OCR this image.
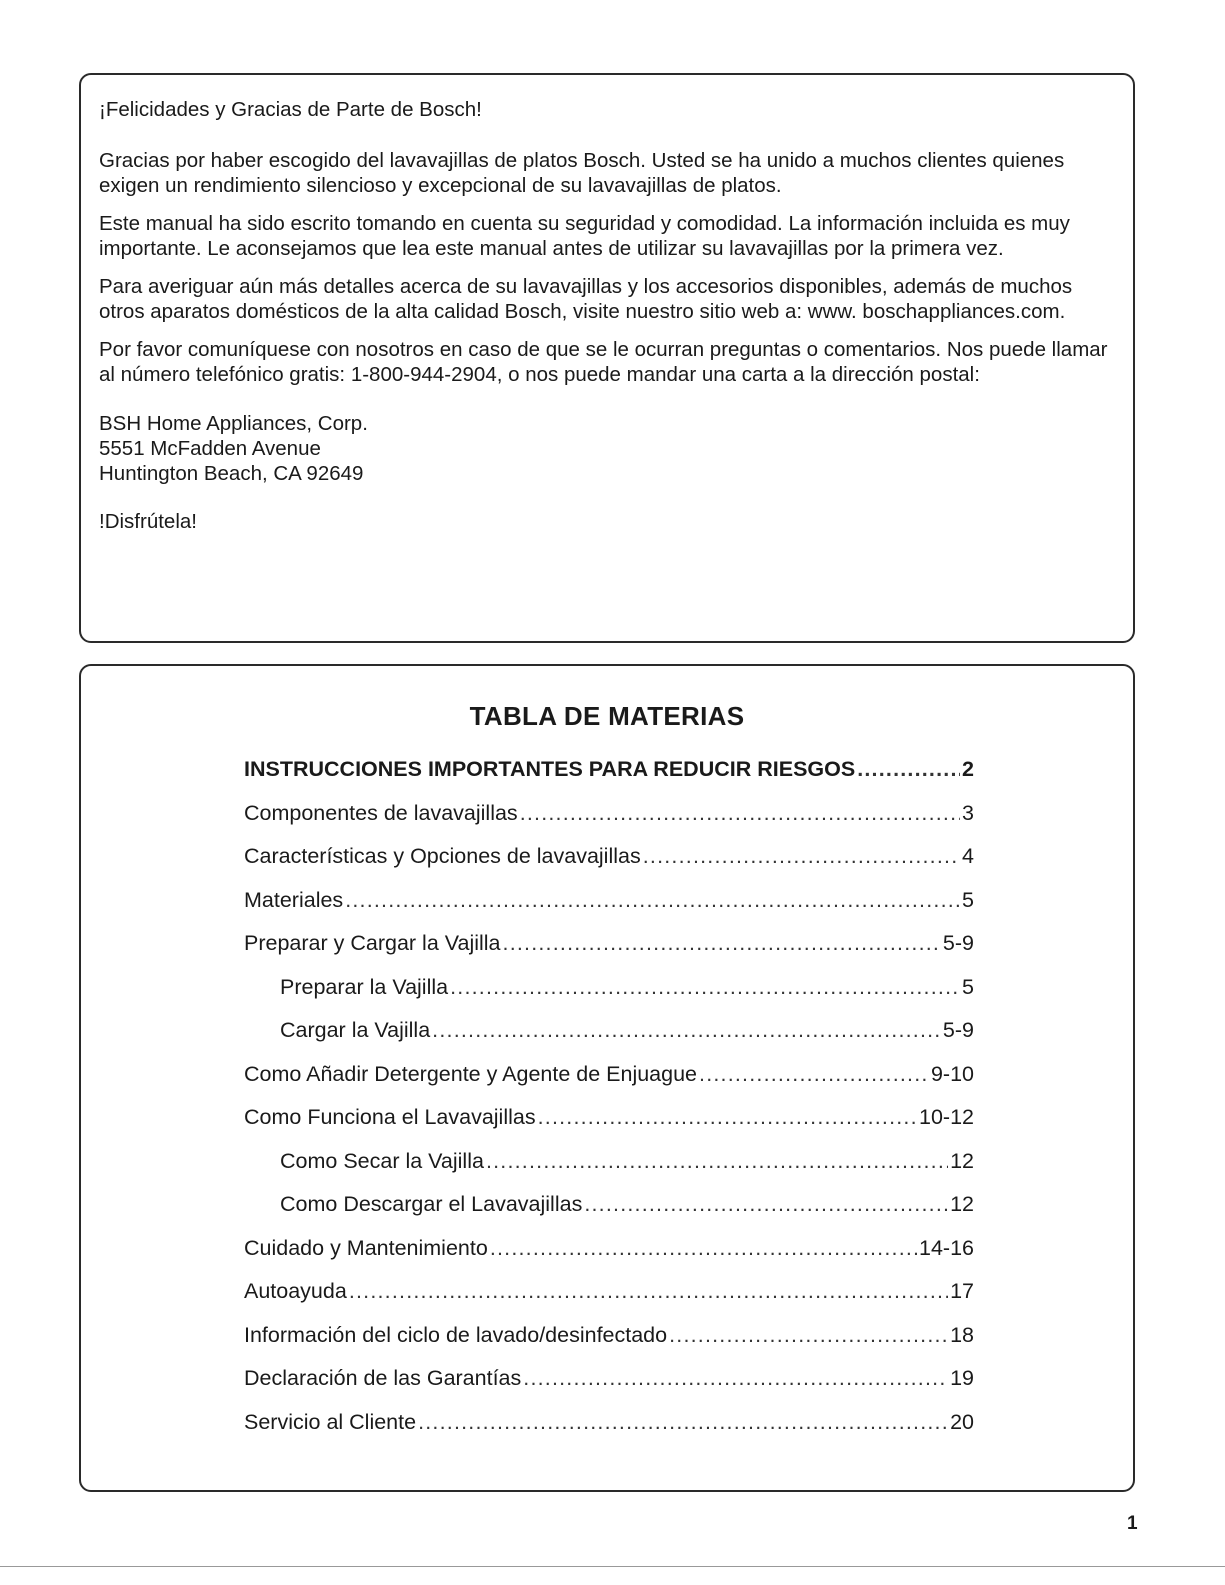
¡Felicidades y Gracias de Parte de Bosch!

Gracias por haber escogido del lavavajillas de platos Bosch. Usted se ha unido a muchos clientes quienes exigen un rendimiento silencioso y excepcional de su lavavajillas de platos.

Este manual ha sido escrito tomando en cuenta su seguridad y comodidad. La información incluida es muy importante. Le aconsejamos que lea este manual antes de utilizar su lavavajillas por la primera vez.

Para averiguar aún más detalles acerca de su lavavajillas y los accesorios disponibles, además de muchos otros aparatos domésticos de la alta calidad Bosch, visite nuestro sitio web a: www. boschappliances.com.

Por favor comuníquese con nosotros en caso de que se le ocurran preguntas o comentarios. Nos puede llamar al número telefónico gratis: 1-800-944-2904, o nos puede mandar una carta a la dirección postal:

BSH Home Appliances, Corp.
5551 McFadden Avenue
Huntington Beach, CA 92649

!Disfrútela!

TABLA DE MATERIAS
INSTRUCCIONES IMPORTANTES PARA REDUCIR RIESGOS .....	2
Componentes de lavavajillas .....	3
Características y Opciones de lavavajillas .....	4
Materiales .....	5
Preparar y Cargar la Vajilla .....	5-9
Preparar la Vajilla .....	5
Cargar la Vajilla .....	5-9
Como Añadir Detergente y Agente de Enjuague .....	9-10
Como Funciona el Lavavajillas .....	10-12
Como Secar la Vajilla .....	12
Como Descargar el Lavavajillas .....	12
Cuidado y Mantenimiento .....	14-16
Autoayuda .....	17
Información del ciclo de lavado/desinfectado .....	18
Declaración de las Garantías .....	19
Servicio al Cliente .....	20
1
